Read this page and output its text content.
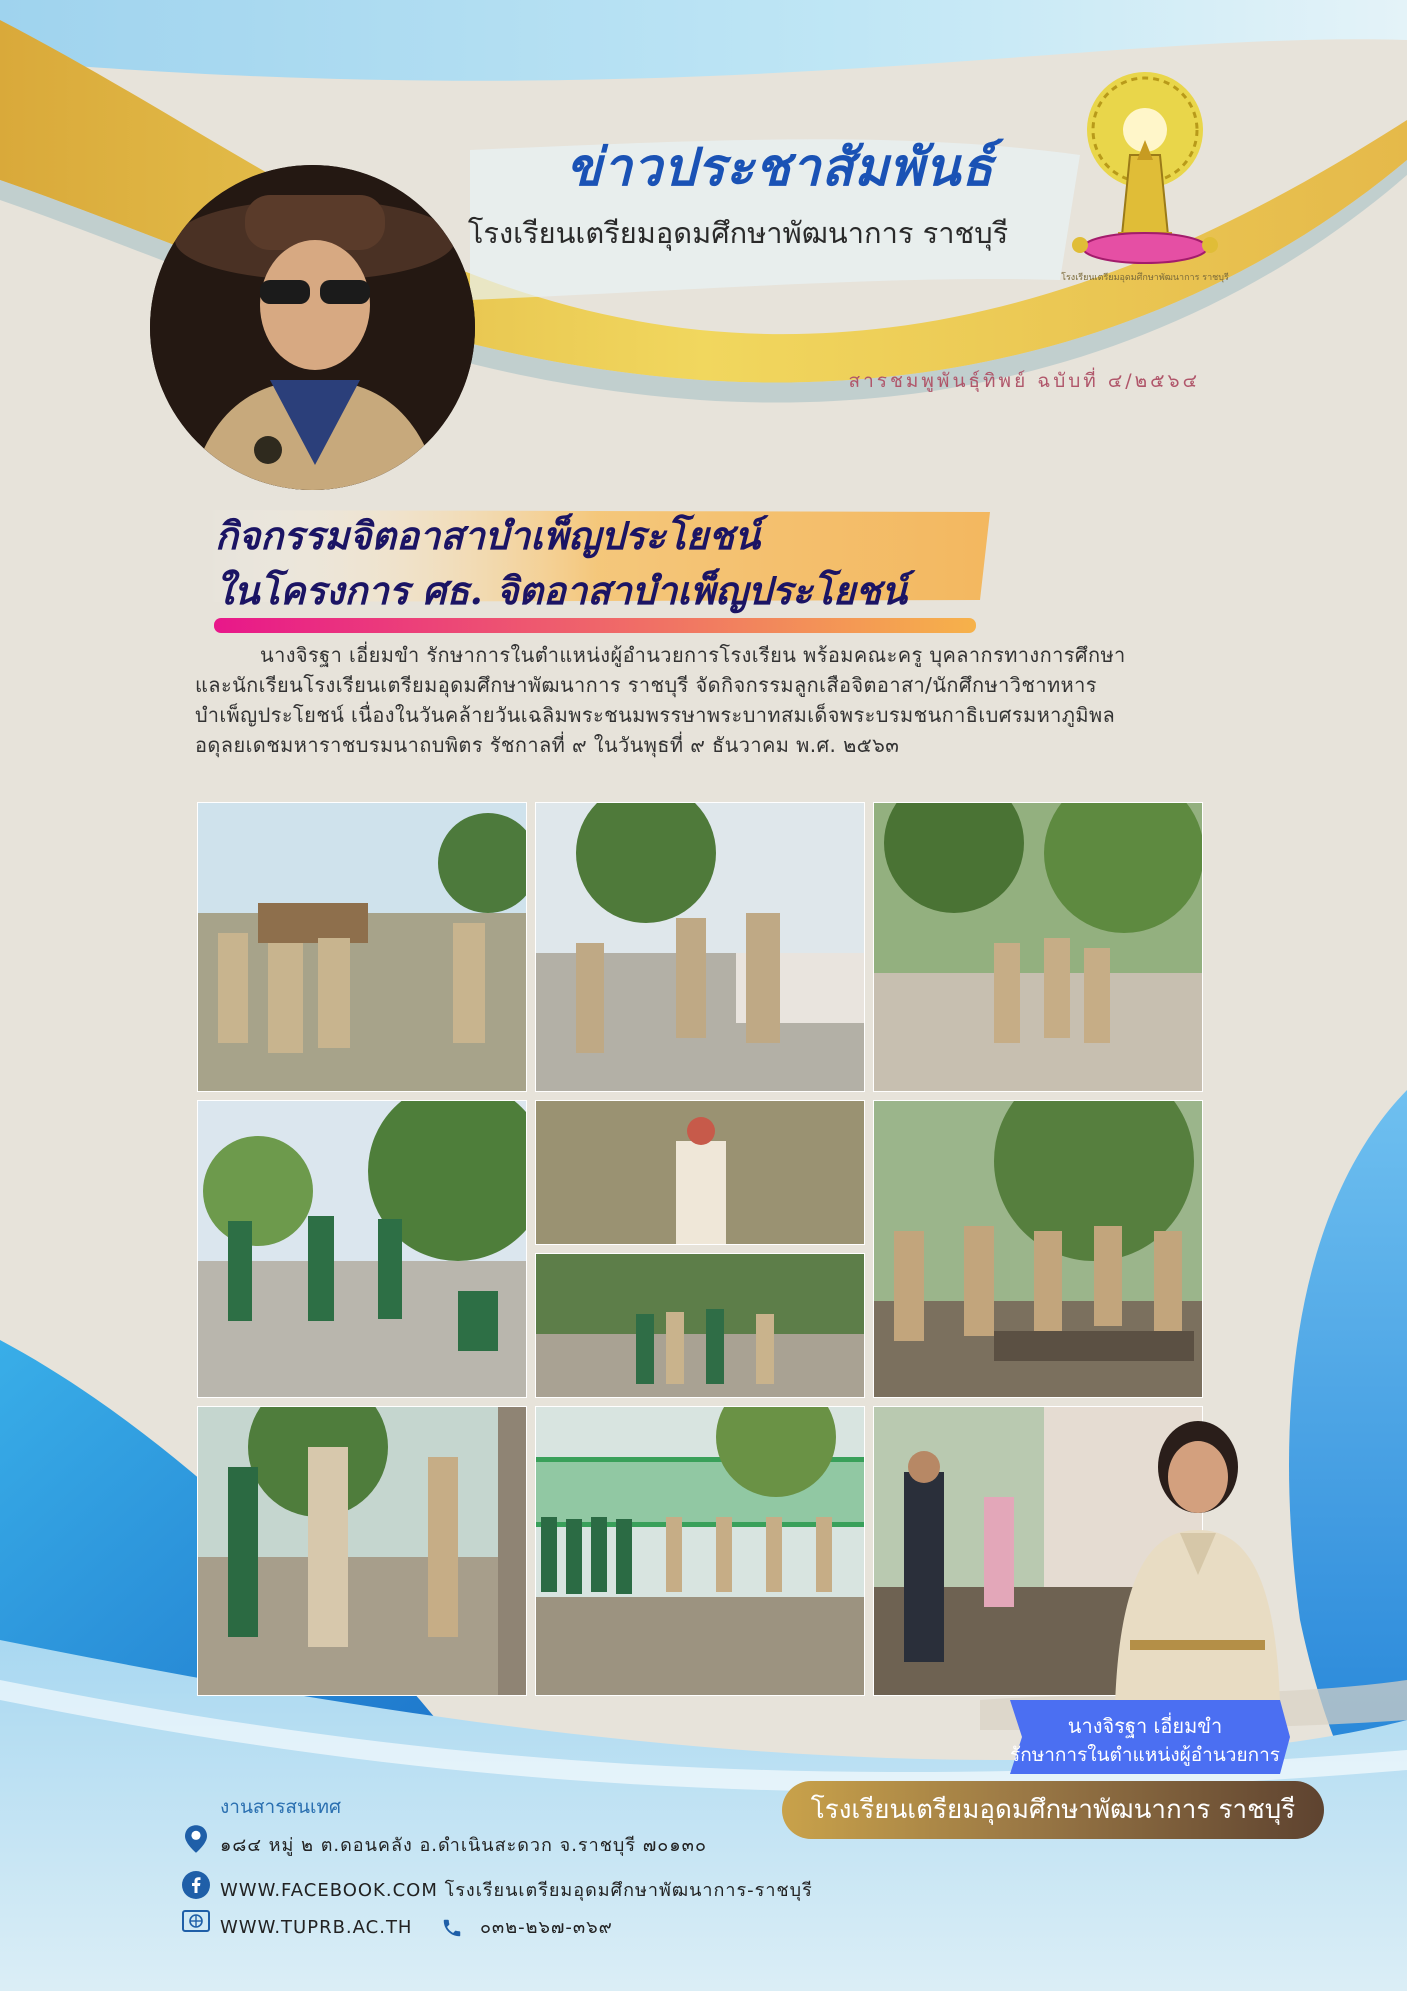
ข่าวประชาสัมพันธ์
โรงเรียนเตรียมอุดมศึกษาพัฒนาการ ราชบุรี
โรงเรียนเตรียมอุดมศึกษาพัฒนาการ ราชบุรี
สารชมพูพันธุ์ทิพย์ ฉบับที่ ๔/๒๕๖๔
กิจกรรมจิตอาสาบำเพ็ญประโยชน์
ในโครงการ ศธ. จิตอาสาบำเพ็ญประโยชน์

นางจิรฐา เอี่ยมขำ รักษาการในตำแหน่งผู้อำนวยการโรงเรียน พร้อมคณะครู บุคลากรทางการศึกษา

และนักเรียนโรงเรียนเตรียมอุดมศึกษาพัฒนาการ ราชบุรี จัดกิจกรรมลูกเสือจิตอาสา/นักศึกษาวิชาทหาร

บำเพ็ญประโยชน์ เนื่องในวันคล้ายวันเฉลิมพระชนมพรรษาพระบาทสมเด็จพระบรมชนกาธิเบศรมหาภูมิพล

อดุลยเดชมหาราชบรมนาถบพิตร รัชกาลที่ ๙ ในวันพุธที่ ๙ ธันวาคม พ.ศ. ๒๕๖๓

นางจิรฐา เอี่ยมขำ
รักษาการในตำแหน่งผู้อำนวยการ
โรงเรียนเตรียมอุดมศึกษาพัฒนาการ ราชบุรี
งานสารสนเทศ
๑๘๔ หมู่ ๒ ต.ดอนคลัง อ.ดำเนินสะดวก จ.ราชบุรี ๗๐๑๓๐
WWW.FACEBOOK.COM โรงเรียนเตรียมอุดมศึกษาพัฒนาการ-ราชบุรี
WWW.TUPRB.AC.TH	๐๓๒-๒๖๗-๓๖๙
